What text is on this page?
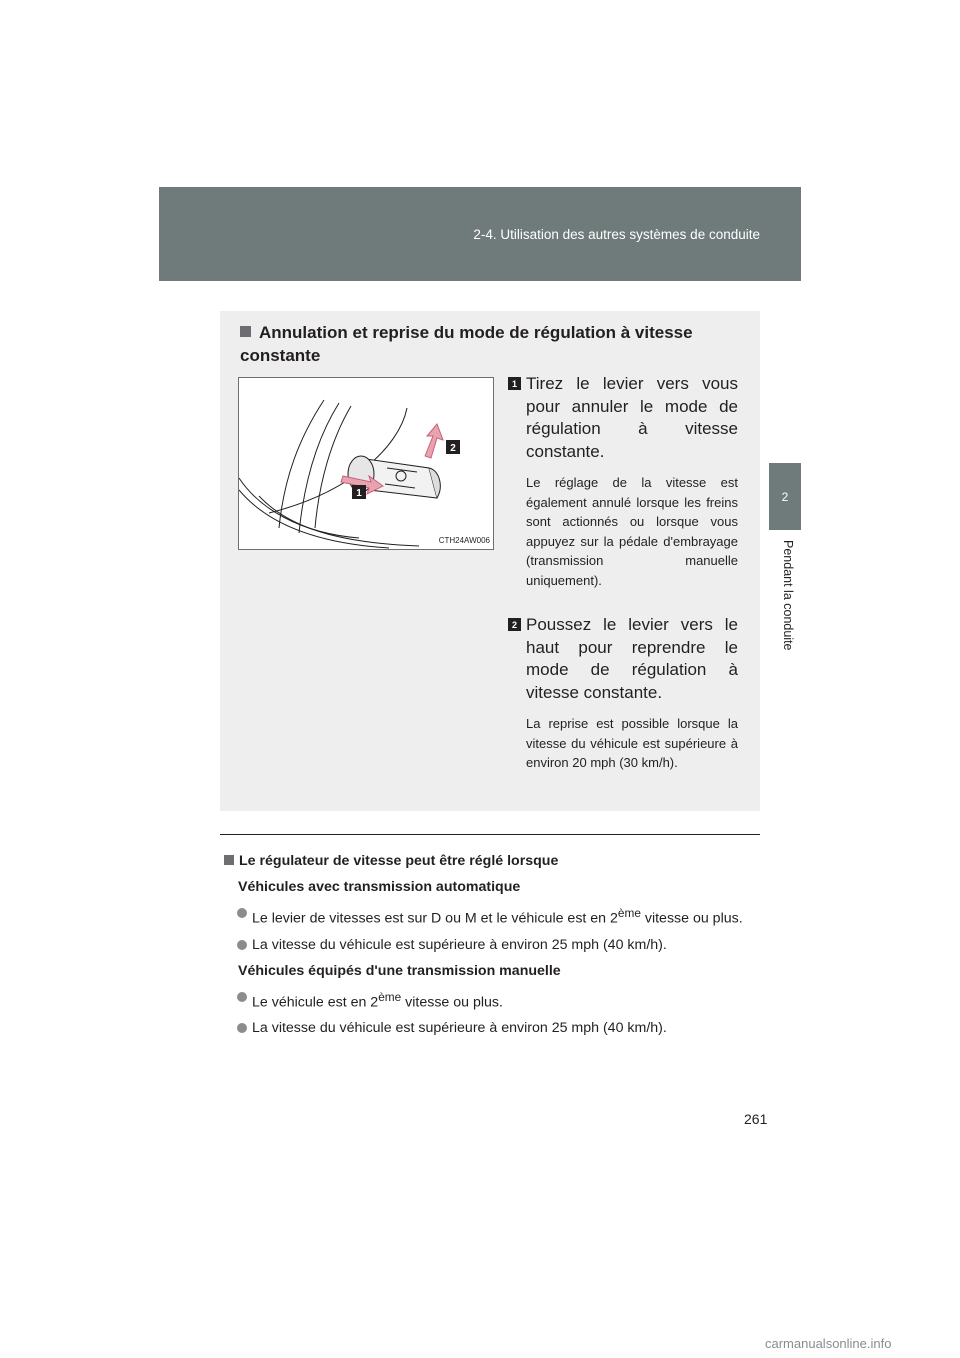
2-4. Utilisation des autres systèmes de conduite
2
Pendant la conduite
Annulation et reprise du mode de régulation à vitesse constante
1
2
CTH24AW006
1 Tirez le levier vers vous pour annuler le mode de régulation à vitesse constante.
Le réglage de la vitesse est également annulé lorsque les freins sont actionnés ou lorsque vous appuyez sur la pédale d'embrayage (transmission manuelle uniquement).
2 Poussez le levier vers le haut pour reprendre le mode de régulation à vitesse constante.
La reprise est possible lorsque la vitesse du véhicule est supérieure à environ 20 mph (30 km/h).
Le régulateur de vitesse peut être réglé lorsque
Véhicules avec transmission automatique
Le levier de vitesses est sur D ou M et le véhicule est en 2ème vitesse ou plus.
La vitesse du véhicule est supérieure à environ 25 mph (40 km/h).
Véhicules équipés d'une transmission manuelle
Le véhicule est en 2ème vitesse ou plus.
La vitesse du véhicule est supérieure à environ 25 mph (40 km/h).
261
carmanualsonline.info
